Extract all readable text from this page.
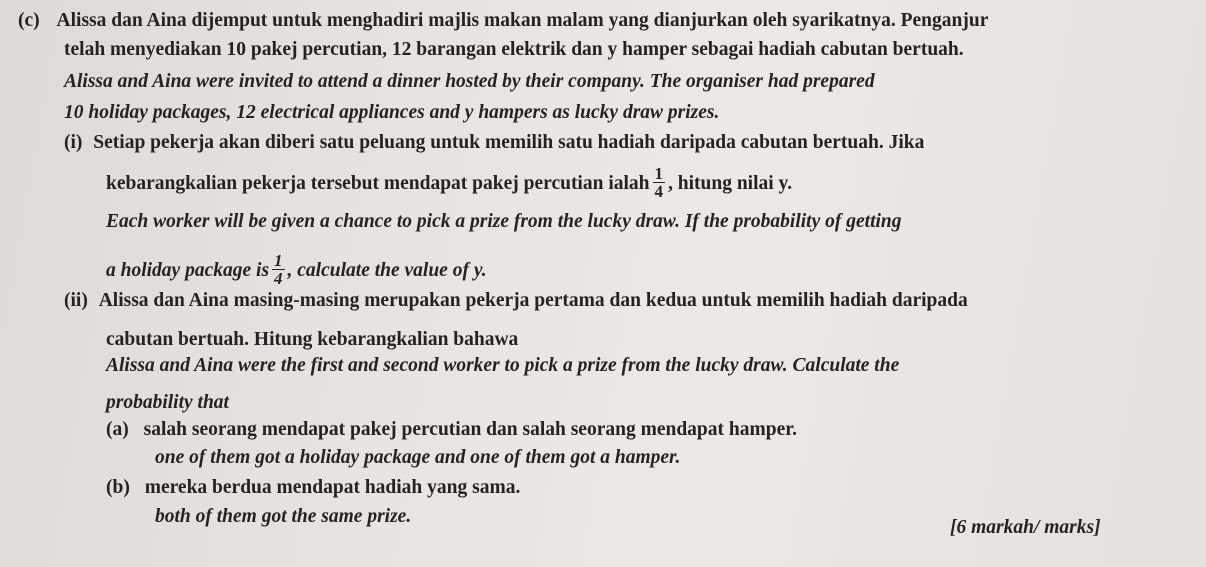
(c) Alissa dan Aina dijemput untuk menghadiri majlis makan malam yang dianjurkan oleh syarikatnya. Penganjur
telah menyediakan 10 pakej percutian, 12 barangan elektrik dan y hamper sebagai hadiah cabutan bertuah.
Alissa and Aina were invited to attend a dinner hosted by their company. The organiser had prepared
10 holiday packages, 12 electrical appliances and y hampers as lucky draw prizes.
(i) Setiap pekerja akan diberi satu peluang untuk memilih satu hadiah daripada cabutan bertuah. Jika
kebarangkalian pekerja tersebut mendapat pakej percutian ialah $\frac{1}{4}$ , hitung nilai y.
Each worker will be given a chance to pick a prize from the lucky draw. If the probability of getting
a holiday package is $\frac{1}{4}$ , calculate the value of y.
(ii) Alissa dan Aina masing-masing merupakan pekerja pertama dan kedua untuk memilih hadiah daripada
cabutan bertuah. Hitung kebarangkalian bahawa
Alissa and Aina were the first and second worker to pick a prize from the lucky draw. Calculate the
probability that
(a) salah seorang mendapat pakej percutian dan salah seorang mendapat hamper.
one of them got a holiday package and one of them got a hamper.
(b) mereka berdua mendapat hadiah yang sama.
both of them got the same prize.
[6 markah/ marks]
